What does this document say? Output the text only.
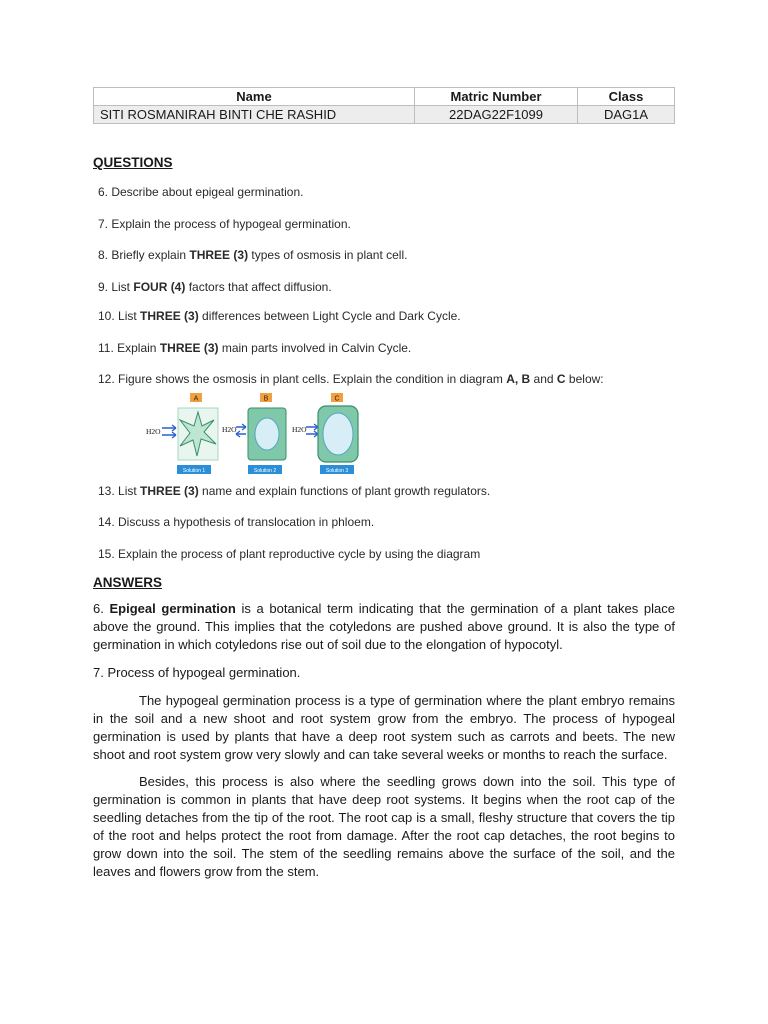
Name	Matric Number	Class
SITI ROSMANIRAH BINTI CHE RASHID	22DAG22F1099	DAG1A
QUESTIONS
6. Describe about epigeal germination.
7. Explain the process of hypogeal germination.
8. Briefly explain THREE (3) types of osmosis in plant cell.
9. List FOUR (4) factors that affect diffusion.
10. List THREE (3) differences between Light Cycle and Dark Cycle.
11. Explain THREE (3) main parts involved in Calvin Cycle.
12. Figure shows the osmosis in plant cells. Explain the condition in diagram A, B and C below:
A
H2O
Solution 1
B
H2O
Solution 2
C
H2O
Solution 3
13. List THREE (3) name and explain functions of plant growth regulators.
14. Discuss a hypothesis of translocation in phloem.
15. Explain the process of plant reproductive cycle by using the diagram
ANSWERS

6. Epigeal germination is a botanical term indicating that the germination of a plant takes place above the ground. This implies that the cotyledons are pushed above ground. It is also the type of germination in which cotyledons rise out of soil due to the elongation of hypocotyl.

7. Process of hypogeal germination.

The hypogeal germination process is a type of germination where the plant embryo remains in the soil and a new shoot and root system grow from the embryo. The process of hypogeal germination is used by plants that have a deep root system such as carrots and beets. The new shoot and root system grow very slowly and can take several weeks or months to reach the surface.

Besides, this process is also where the seedling grows down into the soil. This type of germination is common in plants that have deep root systems. It begins when the root cap of the seedling detaches from the tip of the root. The root cap is a small, fleshy structure that covers the tip of the root and helps protect the root from damage. After the root cap detaches, the root begins to grow down into the soil. The stem of the seedling remains above the surface of the soil, and the leaves and flowers grow from the stem.
